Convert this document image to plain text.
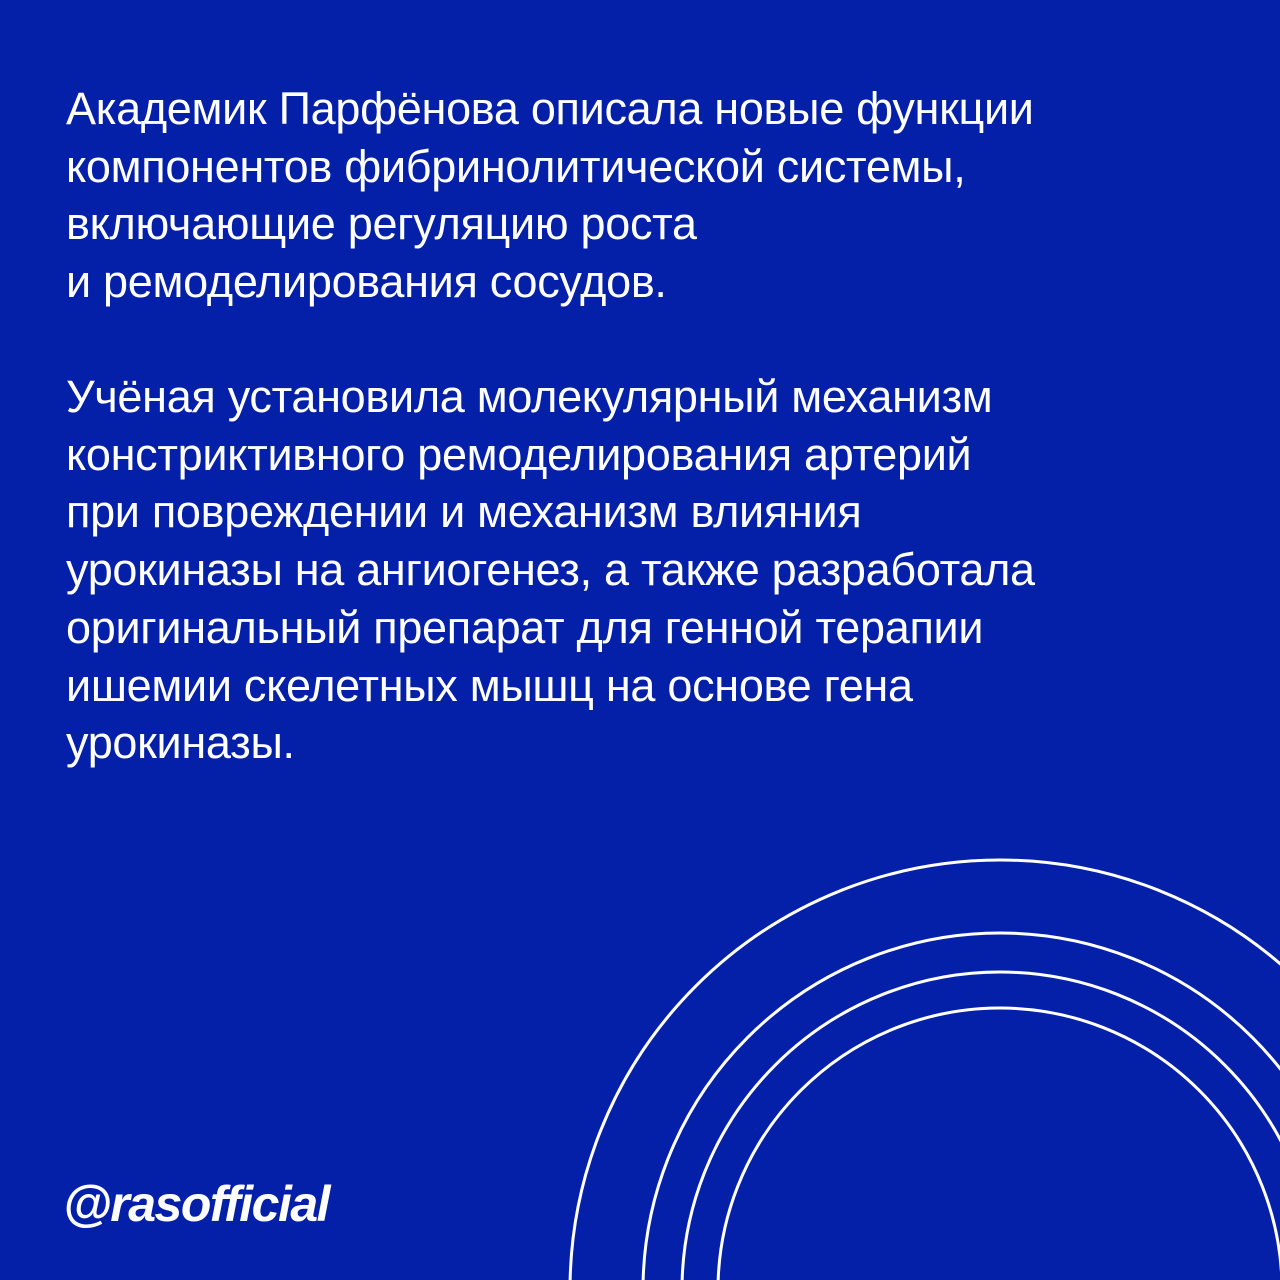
Академик Парфёнова описала новые функции
компонентов фибринолитической системы,
включающие регуляцию роста
и ремоделирования сосудов.
Учёная установила молекулярный механизм
констриктивного ремоделирования артерий
при повреждении и механизм влияния
урокиназы на ангиогенез, а также разработала
оригинальный препарат для генной терапии
ишемии скелетных мышц на основе гена
урокиназы.
@rasofficial
